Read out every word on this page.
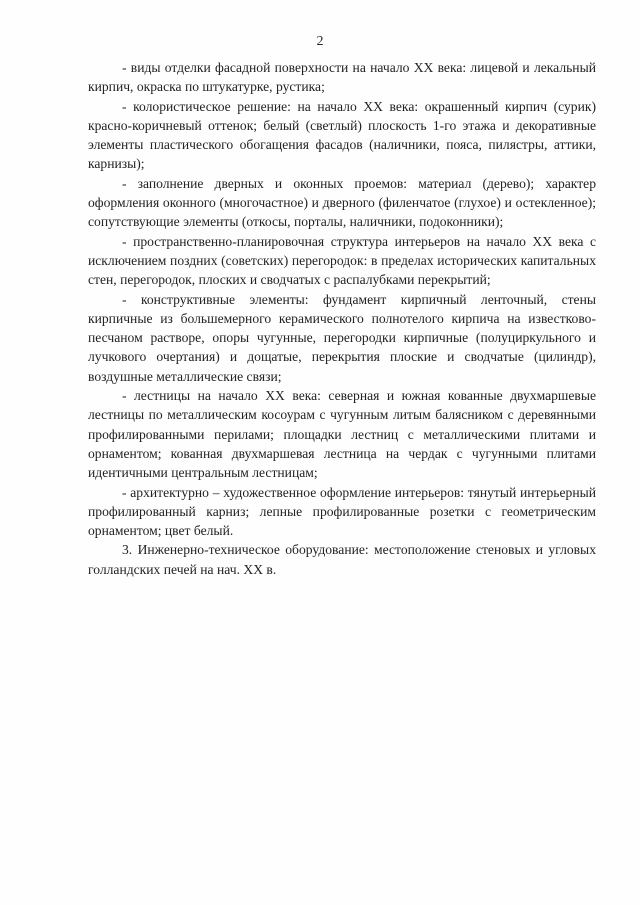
2

- виды отделки фасадной поверхности на начало XX века: лицевой и лекальный кирпич, окраска по штукатурке, рустика;

- колористическое решение: на начало XX века: окрашенный кирпич (сурик) красно-коричневый оттенок; белый (светлый) плоскость 1-го этажа и декоративные элементы пластического обогащения фасадов (наличники, пояса, пилястры, аттики, карнизы);

- заполнение дверных и оконных проемов: материал (дерево); характер оформления оконного (многочастное) и дверного (филенчатое (глухое) и остекленное); сопутствующие элементы (откосы, порталы, наличники, подоконники);

- пространственно-планировочная структура интерьеров на начало XX века с исключением поздних (советских) перегородок: в пределах исторических капитальных стен, перегородок, плоских и сводчатых с распалубками перекрытий;

- конструктивные элементы: фундамент кирпичный ленточный, стены кирпичные из большемерного керамического полнотелого кирпича на известково-песчаном растворе, опоры чугунные, перегородки кирпичные (полуциркульного и лучкового очертания) и дощатые, перекрытия плоские и сводчатые (цилиндр), воздушные металлические связи;

- лестницы на начало XX века: северная и южная кованные двухмаршевые лестницы по металлическим косоурам с чугунным литым балясником с деревянными профилированными перилами; площадки лестниц с металлическими плитами и орнаментом; кованная двухмаршевая лестница на чердак с чугунными плитами идентичными центральным лестницам;

- архитектурно – художественное оформление интерьеров: тянутый интерьерный профилированный карниз; лепные профилированные розетки с геометрическим орнаментом; цвет белый.

3. Инженерно-техническое оборудование: местоположение стеновых и угловых голландских печей на нач. XX в.
